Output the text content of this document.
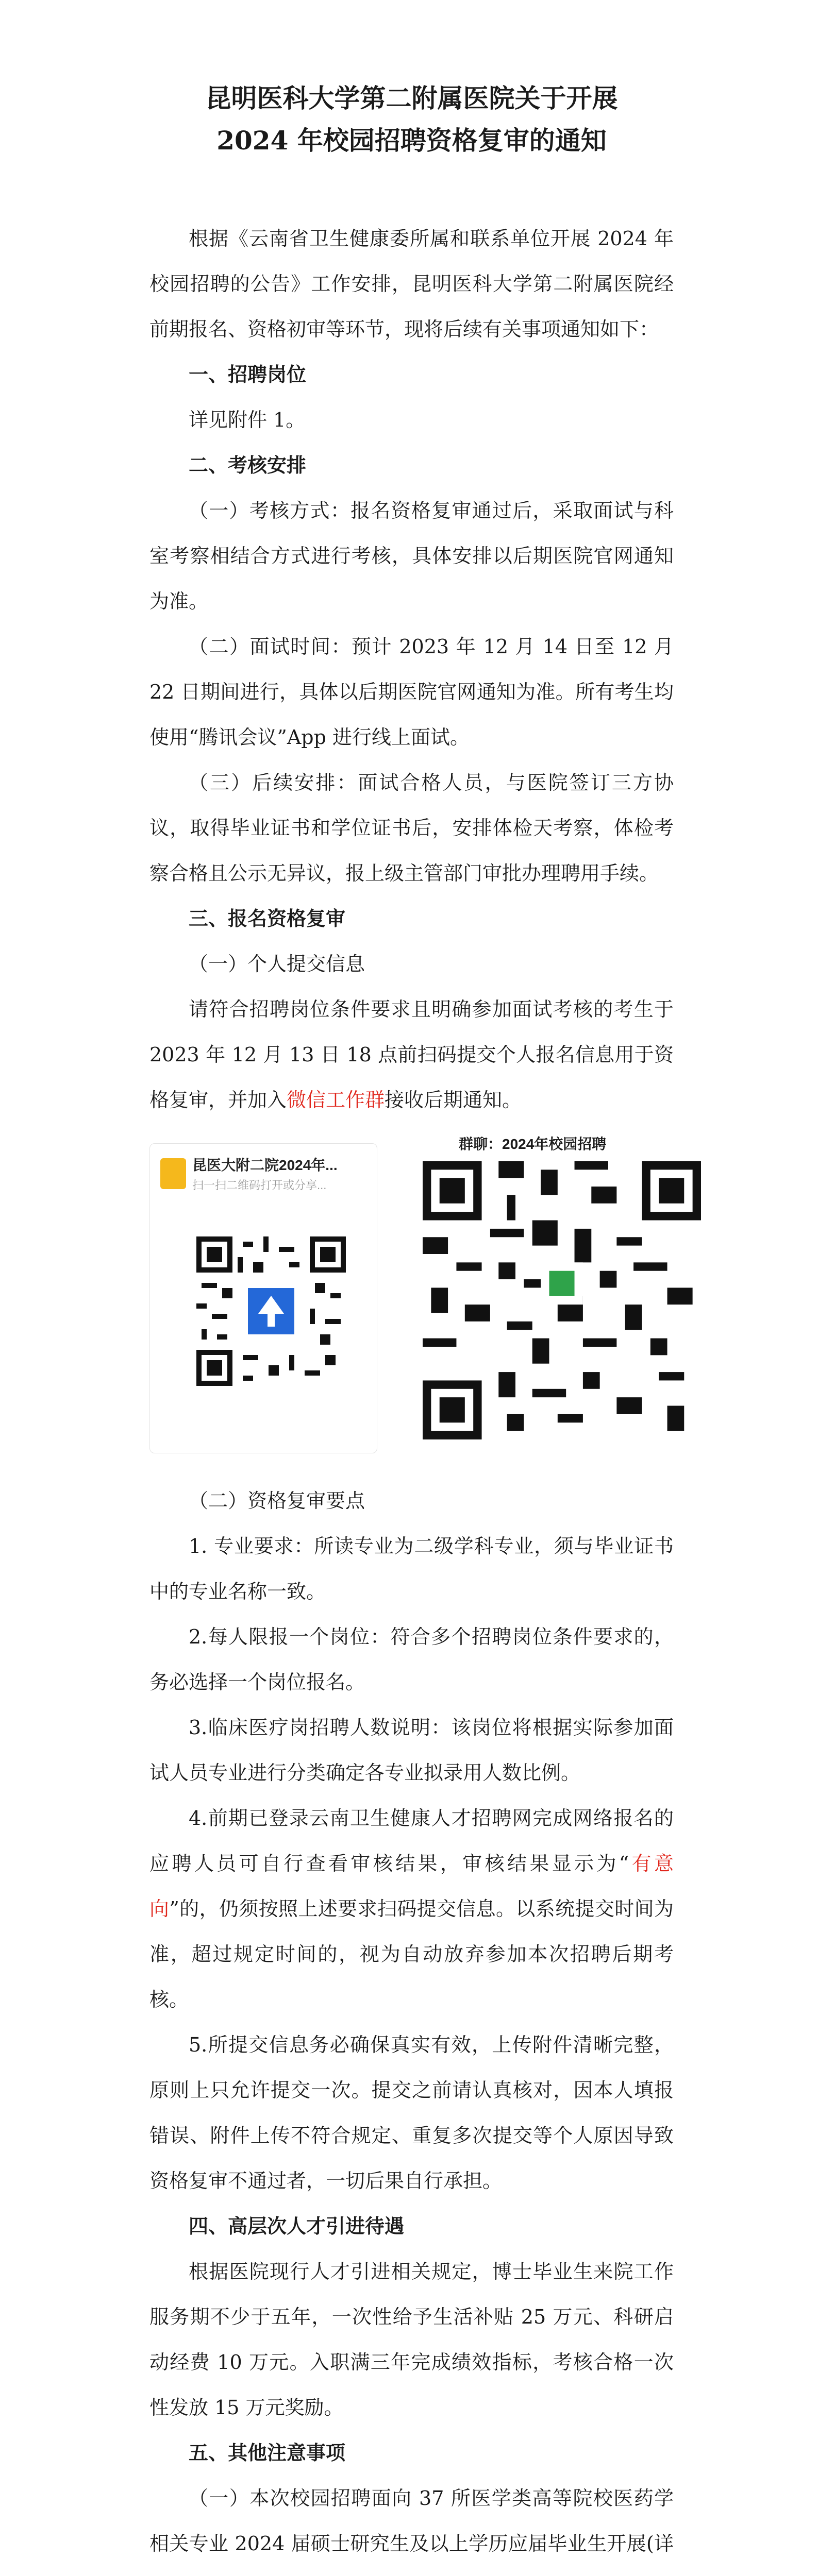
昆明医科大学第二附属医院关于开展
2024 年校园招聘资格复审的通知

根据《云南省卫生健康委所属和联系单位开展 2024 年校园招聘的公告》工作安排，昆明医科大学第二附属医院经前期报名、资格初审等环节，现将后续有关事项通知如下：

一、招聘岗位

详见附件 1。

二、考核安排

（一）考核方式：报名资格复审通过后，采取面试与科室考察相结合方式进行考核，具体安排以后期医院官网通知为准。

（二）面试时间：预计 2023 年 12 月 14 日至 12 月 22 日期间进行，具体以后期医院官网通知为准。所有考生均使用“腾讯会议”App 进行线上面试。

（三）后续安排：面试合格人员，与医院签订三方协议，取得毕业证书和学位证书后，安排体检天考察，体检考察合格且公示无异议，报上级主管部门审批办理聘用手续。

三、报名资格复审

（一）个人提交信息

请符合招聘岗位条件要求且明确参加面试考核的考生于 2023 年 12 月 13 日 18 点前扫码提交个人报名信息用于资格复审，并加入微信工作群接收后期通知。

昆医大附二院2024年...
扫一扫二维码打开或分享...
群聊：2024年校园招聘

（二）资格复审要点

1. 专业要求：所读专业为二级学科专业，须与毕业证书中的专业名称一致。

2.每人限报一个岗位：符合多个招聘岗位条件要求的，务必选择一个岗位报名。

3.临床医疗岗招聘人数说明：该岗位将根据实际参加面试人员专业进行分类确定各专业拟录用人数比例。

4.前期已登录云南卫生健康人才招聘网完成网络报名的应聘人员可自行查看审核结果，审核结果显示为“有意向”的，仍须按照上述要求扫码提交信息。以系统提交时间为准，超过规定时间的，视为自动放弃参加本次招聘后期考核。

5.所提交信息务必确保真实有效，上传附件清晰完整，原则上只允许提交一次。提交之前请认真核对，因本人填报错误、附件上传不符合规定、重复多次提交等个人原因导致资格复审不通过者，一切后果自行承担。

四、高层次人才引进待遇

根据医院现行人才引进相关规定，博士毕业生来院工作服务期不少于五年，一次性给予生活补贴 25 万元、科研启动经费 10 万元。入职满三年完成绩效指标，考核合格一次性发放 15 万元奖励。

五、其他注意事项

（一）本次校园招聘面向 37 所医学类高等院校医药学相关专业 2024 届硕士研究生及以上学历应届毕业生开展(详
